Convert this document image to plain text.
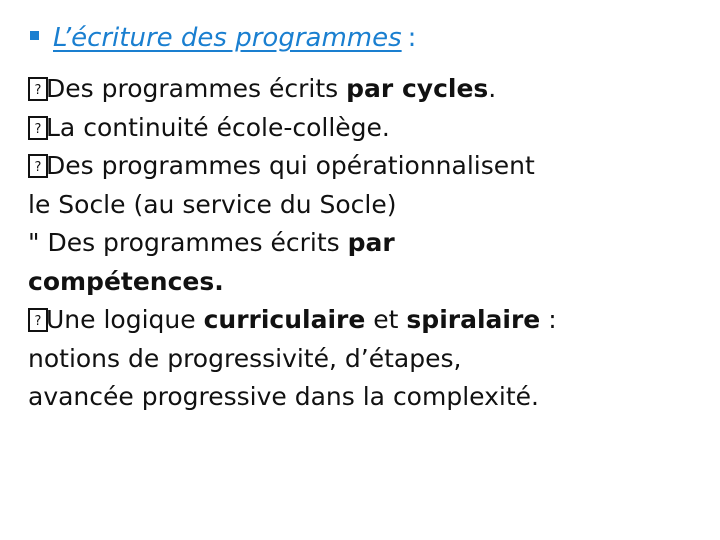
L’écriture des programmes :
? Des programmes écrits par cycles.
? La continuité école-collège.
? Des programmes qui opérationnalisent
le Socle (au service du Socle)
" Des programmes écrits par
compétences.
? Une logique curriculaire et spiralaire :
notions de progressivité, d’étapes,
avancée progressive dans la complexité.
